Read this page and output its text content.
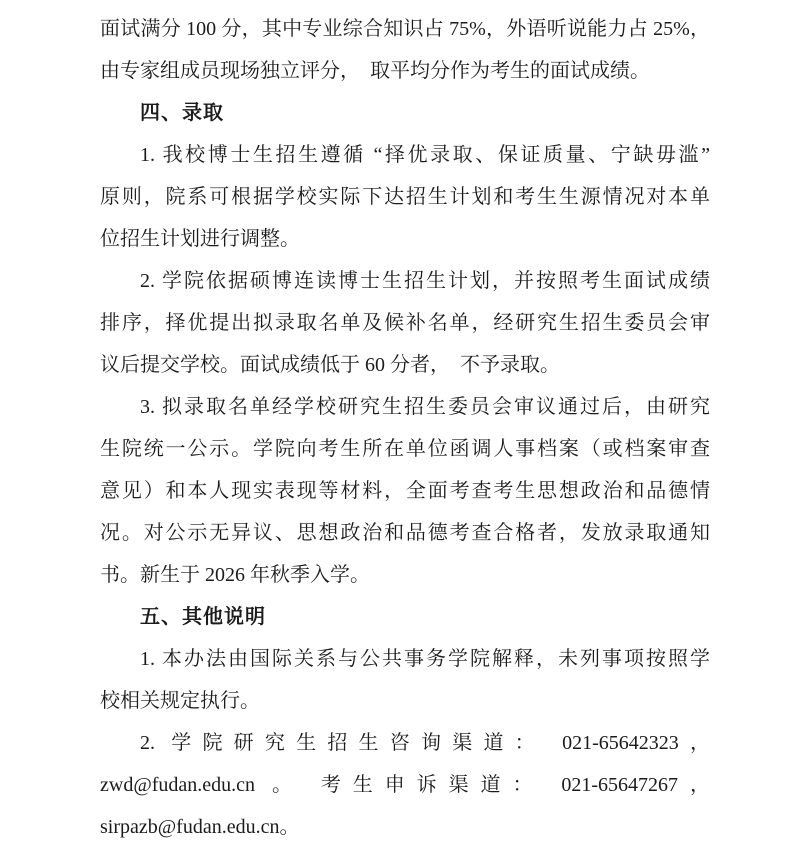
面试满分 100 分，其中专业综合知识占 75%，外语听说能力占 25%，
由专家组成员现场独立评分，　取平均分作为考生的面试成绩。
四、录取
1. 我校博士生招生遵循 “择优录取、保证质量、宁缺毋滥”
原则，院系可根据学校实际下达招生计划和考生生源情况对本单
位招生计划进行调整。
2. 学院依据硕博连读博士生招生计划，并按照考生面试成绩
排序，择优提出拟录取名单及候补名单，经研究生招生委员会审
议后提交学校。面试成绩低于 60 分者，　不予录取。
3. 拟录取名单经学校研究生招生委员会审议通过后，由研究
生院统一公示。学院向考生所在单位函调人事档案（或档案审查
意见）和本人现实表现等材料，全面考查考生思想政治和品德情
况。对公示无异议、思想政治和品德考查合格者，发放录取通知
书。新生于 2026 年秋季入学。
五、其他说明
1. 本办法由国际关系与公共事务学院解释，未列事项按照学
校相关规定执行。
2. 学院研究生招生咨询渠道： 021-65642323，
zwd@fudan.edu.cn 。 考生申诉渠道： 021-65647267，
sirpazb@fudan.edu.cn。
